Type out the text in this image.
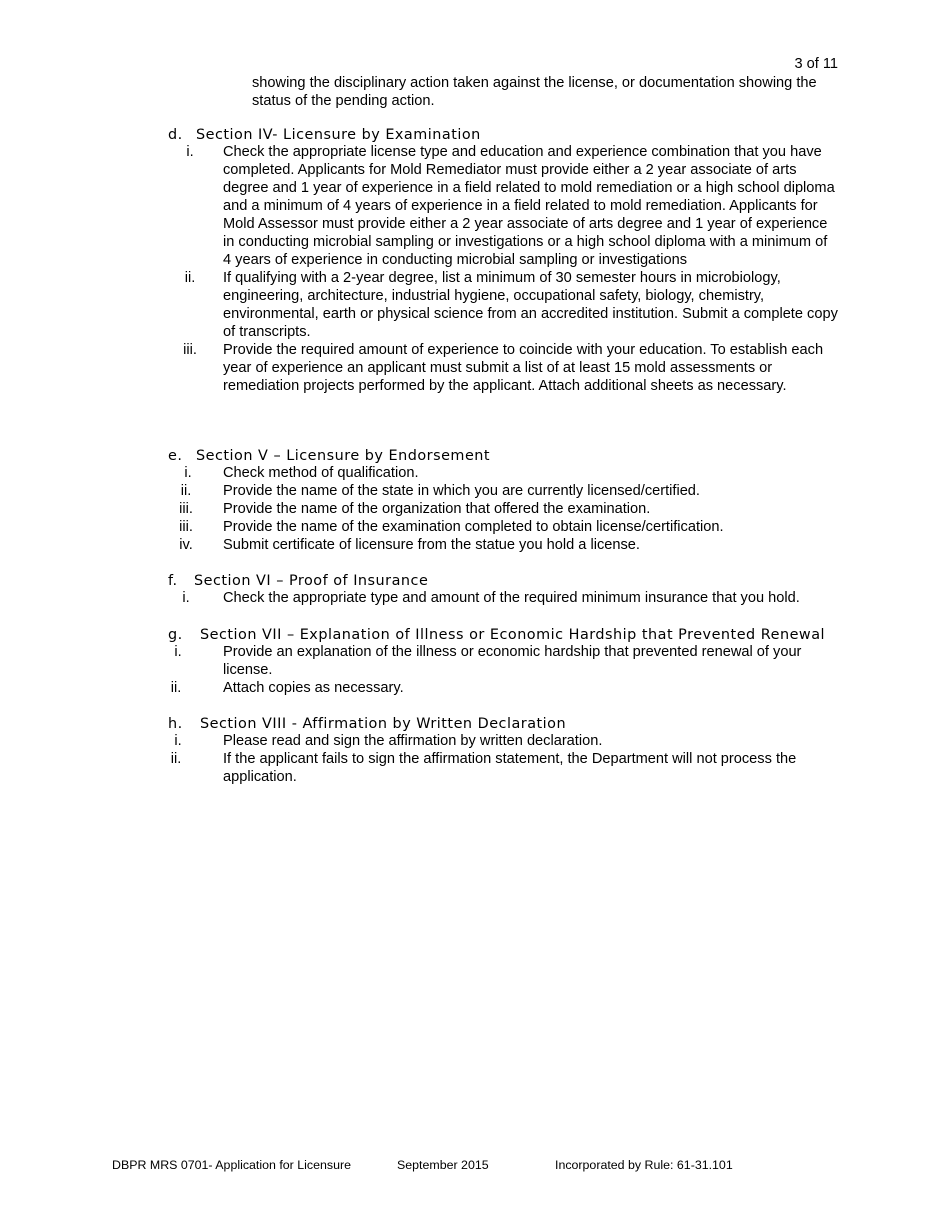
3 of 11
showing the disciplinary action taken against the license, or documentation showing the status of the pending action.
d. Section IV- Licensure by Examination
i.	Check the appropriate license type and education and experience combination that you have completed. Applicants for Mold Remediator must provide either a 2 year associate of arts degree and 1 year of experience in a field related to mold remediation or a high school diploma and a minimum of 4 years of experience in a field related to mold remediation. Applicants for Mold Assessor must provide either a 2 year associate of arts degree and 1 year of experience in conducting microbial sampling or investigations or a high school diploma with a minimum of 4 years of experience in conducting microbial sampling or investigations
ii.	If qualifying with a 2-year degree, list a minimum of 30 semester hours in microbiology, engineering, architecture, industrial hygiene, occupational safety, biology, chemistry, environmental, earth or physical science from an accredited institution. Submit a complete copy of transcripts.
iii.	Provide the required amount of experience to coincide with your education. To establish each year of experience an applicant must submit a list of at least 15 mold assessments or remediation projects performed by the applicant. Attach additional sheets as necessary.
e. Section V – Licensure by Endorsement
i.	Check method of qualification.
ii.	Provide the name of the state in which you are currently licensed/certified.
iii.	Provide the name of the organization that offered the examination.
iii.	Provide the name of the examination completed to obtain license/certification.
iv.	Submit certificate of licensure from the statue you hold a license.
f. Section VI – Proof of Insurance
i.	Check the appropriate type and amount of the required minimum insurance that you hold.
g. Section VII – Explanation of Illness or Economic Hardship that Prevented Renewal
i.	Provide an explanation of the illness or economic hardship that prevented renewal of your license.
ii.	Attach copies as necessary.
h. Section VIII - Affirmation by Written Declaration
i.	Please read and sign the affirmation by written declaration.
ii.	If the applicant fails to sign the affirmation statement, the Department will not process the application.
DBPR MRS 0701- Application for Licensure	September 2015	Incorporated by Rule: 61-31.101
